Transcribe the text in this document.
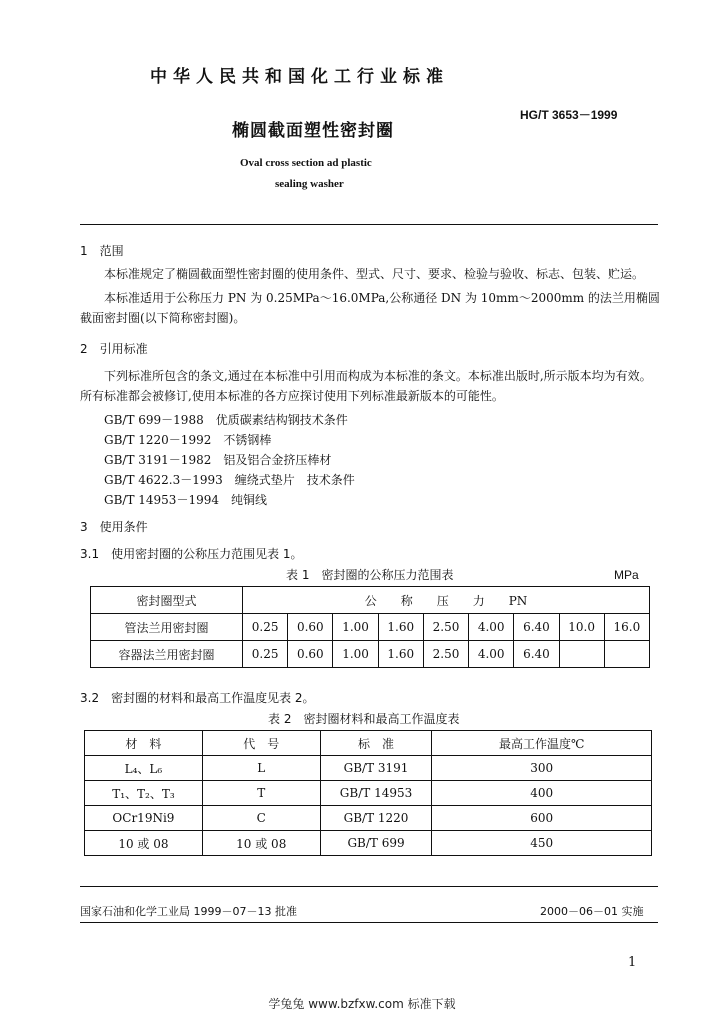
中华人民共和国化工行业标准
HG/T 3653－1999
椭圆截面塑性密封圈
Oval cross section ad plastic
sealing washer
1　范围
本标准规定了椭圆截面塑性密封圈的使用条件、型式、尺寸、要求、检验与验收、标志、包装、贮运。
本标准适用于公称压力 PN 为 0.25MPa～16.0MPa,公称通径 DN 为 10mm～2000mm 的法兰用椭圆截面密封圈(以下简称密封圈)。
2　引用标准
下列标准所包含的条文,通过在本标准中引用而构成为本标准的条文。本标准出版时,所示版本均为有效。所有标准都会被修订,使用本标准的各方应探讨使用下列标准最新版本的可能性。
GB/T 699－1988　优质碳素结构钢技术条件
GB/T 1220－1992　不锈钢棒
GB/T 3191－1982　铝及铝合金挤压棒材
GB/T 4622.3－1993　缠绕式垫片　技术条件
GB/T 14953－1994　纯铜线
3　使用条件
3.1　使用密封圈的公称压力范围见表 1。
表 1　密封圈的公称压力范围表	MPa
密封圈型式	公　　称　　压　　力　　PN								
管法兰用密封圈	0.25	0.60	1.00	1.60	2.50	4.00	6.40	10.0	16.0
容器法兰用密封圈	0.25	0.60	1.00	1.60	2.50	4.00	6.40		
3.2　密封圈的材料和最高工作温度见表 2。
表 2　密封圈材料和最高工作温度表
材　料	代　号	标　准	最高工作温度℃
L₄、L₆	L	GB/T 3191	300
T₁、T₂、T₃	T	GB/T 14953	400
OCr19Ni9	C	GB/T 1220	600
10 或 08	10 或 08	GB/T 699	450
国家石油和化学工业局 1999－07－13 批准	2000－06－01 实施
1
学兔兔 www.bzfxw.com 标准下载
